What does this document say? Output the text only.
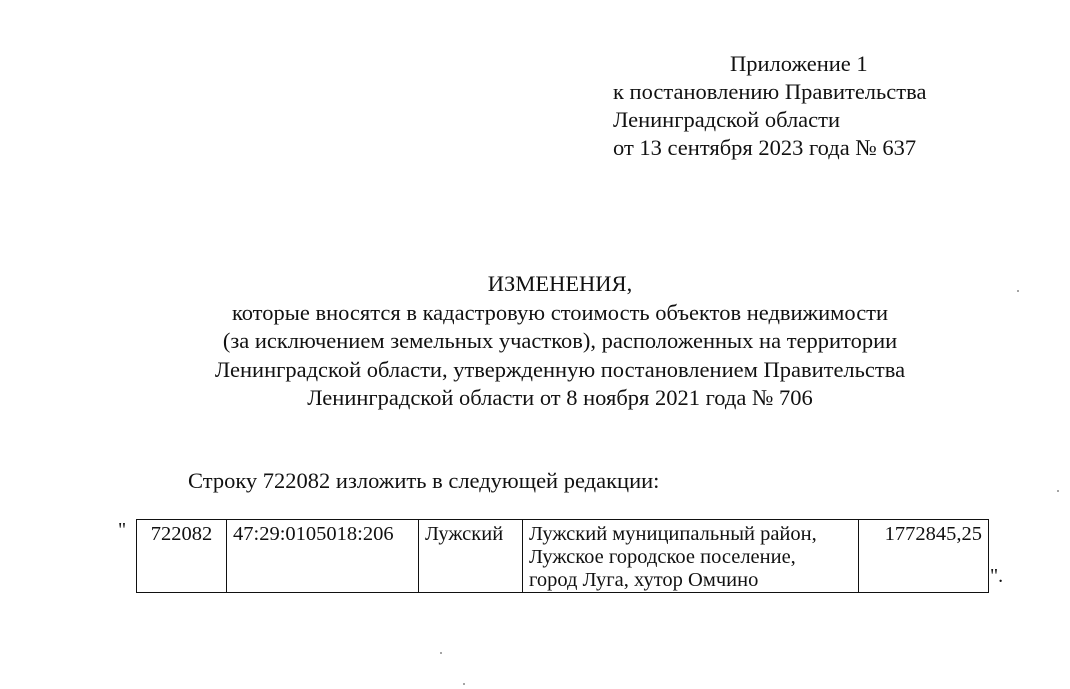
Приложение 1
к постановлению Правительства
Ленинградской области
от 13 сентября 2023 года № 637
ИЗМЕНЕНИЯ,
которые вносятся в кадастровую стоимость объектов недвижимости
(за исключением земельных участков), расположенных на территории
Ленинградской области, утвержденную постановлением Правительства
Ленинградской области от 8 ноября 2021 года № 706
Строку 722082 изложить в следующей редакции:
" 722082	47:29:0105018:206	Лужский	Лужский муниципальный район,
Лужское городское поселение,
город Луга, хутор Омчино
	1772845,25
".
